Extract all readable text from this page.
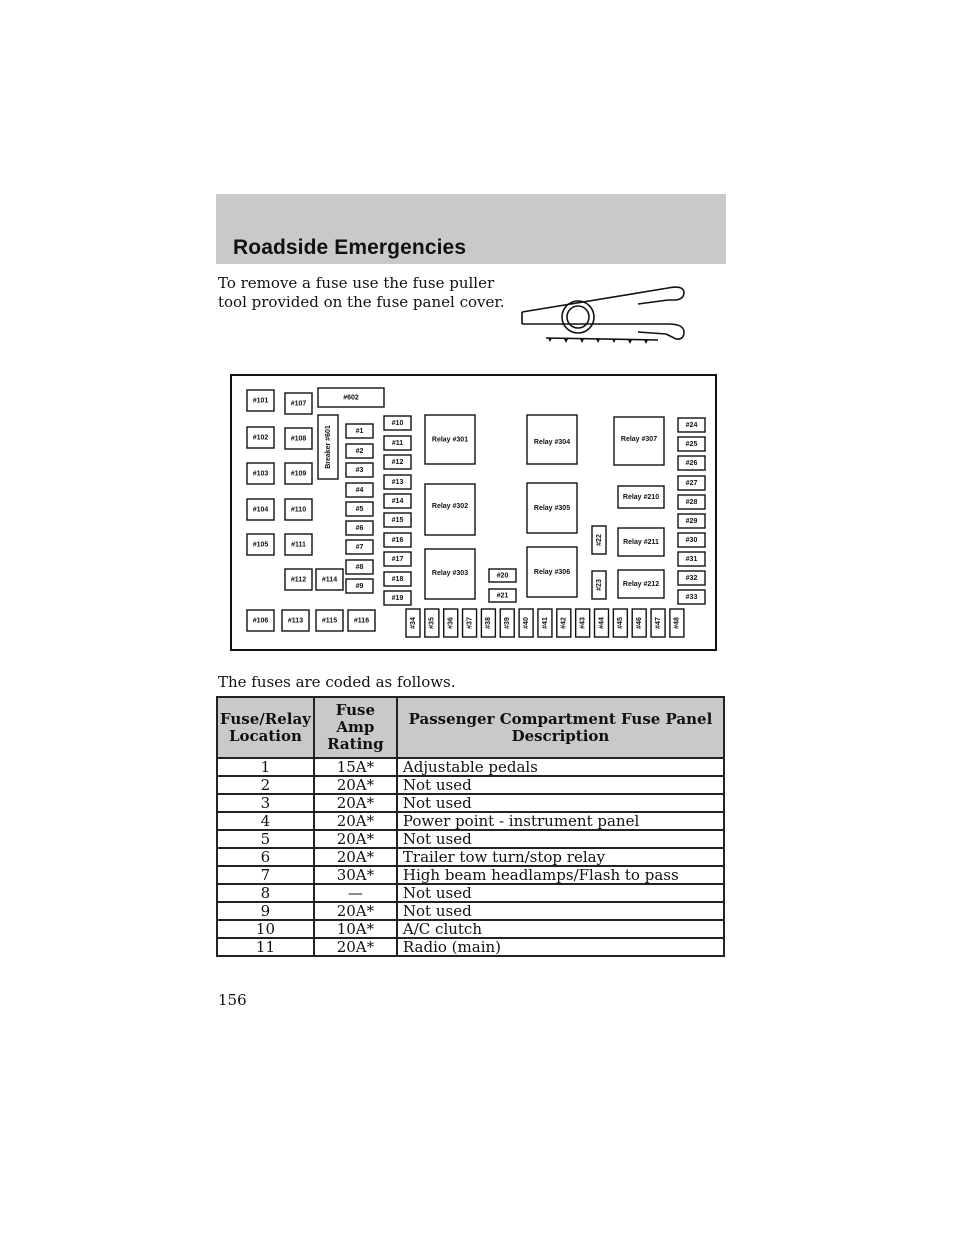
Roadside Emergencies
To remove a fuse use the fuse puller tool provided on the fuse panel cover.
#101
#102
#103
#104
#105
#106
#107
#108
#109
#110
#111
#112 #114
#113	#115 #116
#602
Breaker #601	#1
#2
#3
#4
#5
#6
#7
#8
#9
#10
#11
#12
#13
#14
#15
#16
#17
#18
#19
Relay #301
Relay #302
Relay #303	#20
#21
Relay #304
Relay #305
Relay #306
#22
#23
Relay #307
Relay #210
Relay #211
Relay #212
#24
#25
#26
#27
#28
#29
#30
#31
#32
#33
#34 #35 #36 #37 #38 #39 #40 #41 #42 #43 #44 #45 #46 #47 #48
The fuses are coded as follows.
Fuse/Relay Location	Fuse Amp Rating	Passenger Compartment Fuse Panel Description
1	15A*	Adjustable pedals
2	20A*	Not used
3	20A*	Not used
4	20A*	Power point - instrument panel
5	20A*	Not used
6	20A*	Trailer tow turn/stop relay
7	30A*	High beam headlamps/Flash to pass
8	—	Not used
9	20A*	Not used
10	10A*	A/C clutch
11	20A*	Radio (main)
156
